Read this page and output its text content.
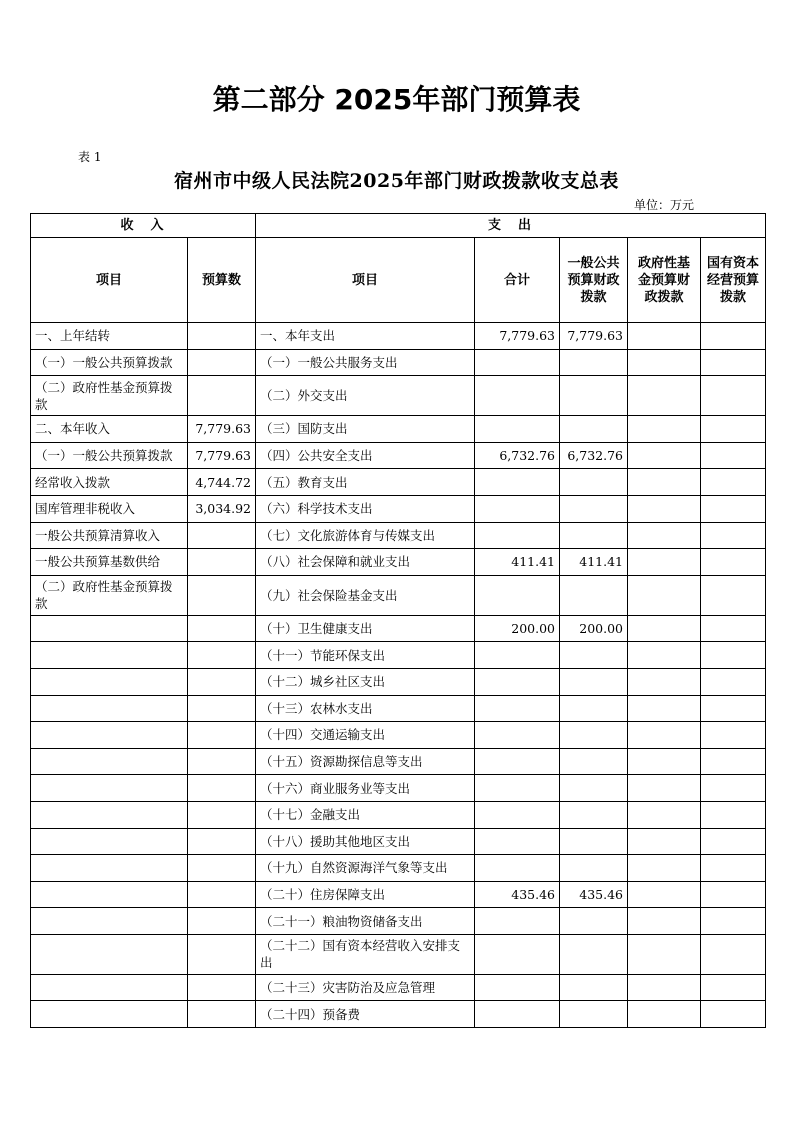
第二部分 2025年部门预算表
表 1
宿州市中级人民法院2025年部门财政拨款收支总表
单位：万元
收　入		支　出				
项目	预算数	项目	合计	一般公共预算财政拨款	政府性基金预算财政拨款	国有资本经营预算拨款
一、上年结转		一、本年支出	7,779.63	7,779.63		
（一）一般公共预算拨款		（一）一般公共服务支出				
（二）政府性基金预算拨款		（二）外交支出				
二、本年收入	7,779.63	（三）国防支出				
（一）一般公共预算拨款	7,779.63	（四）公共安全支出	6,732.76	6,732.76		
经常收入拨款	4,744.72	（五）教育支出				
国库管理非税收入	3,034.92	（六）科学技术支出				
一般公共预算清算收入		（七）文化旅游体育与传媒支出				
一般公共预算基数供给		（八）社会保障和就业支出	411.41	411.41		
（二）政府性基金预算拨款		（九）社会保险基金支出				
		（十）卫生健康支出	200.00	200.00		
		（十一）节能环保支出				
		（十二）城乡社区支出				
		（十三）农林水支出				
		（十四）交通运输支出				
		（十五）资源勘探信息等支出				
		（十六）商业服务业等支出				
		（十七）金融支出				
		（十八）援助其他地区支出				
		（十九）自然资源海洋气象等支出				
		（二十）住房保障支出	435.46	435.46		
		（二十一）粮油物资储备支出				
		（二十二）国有资本经营收入安排支出				
		（二十三）灾害防治及应急管理				
		（二十四）预备费				
